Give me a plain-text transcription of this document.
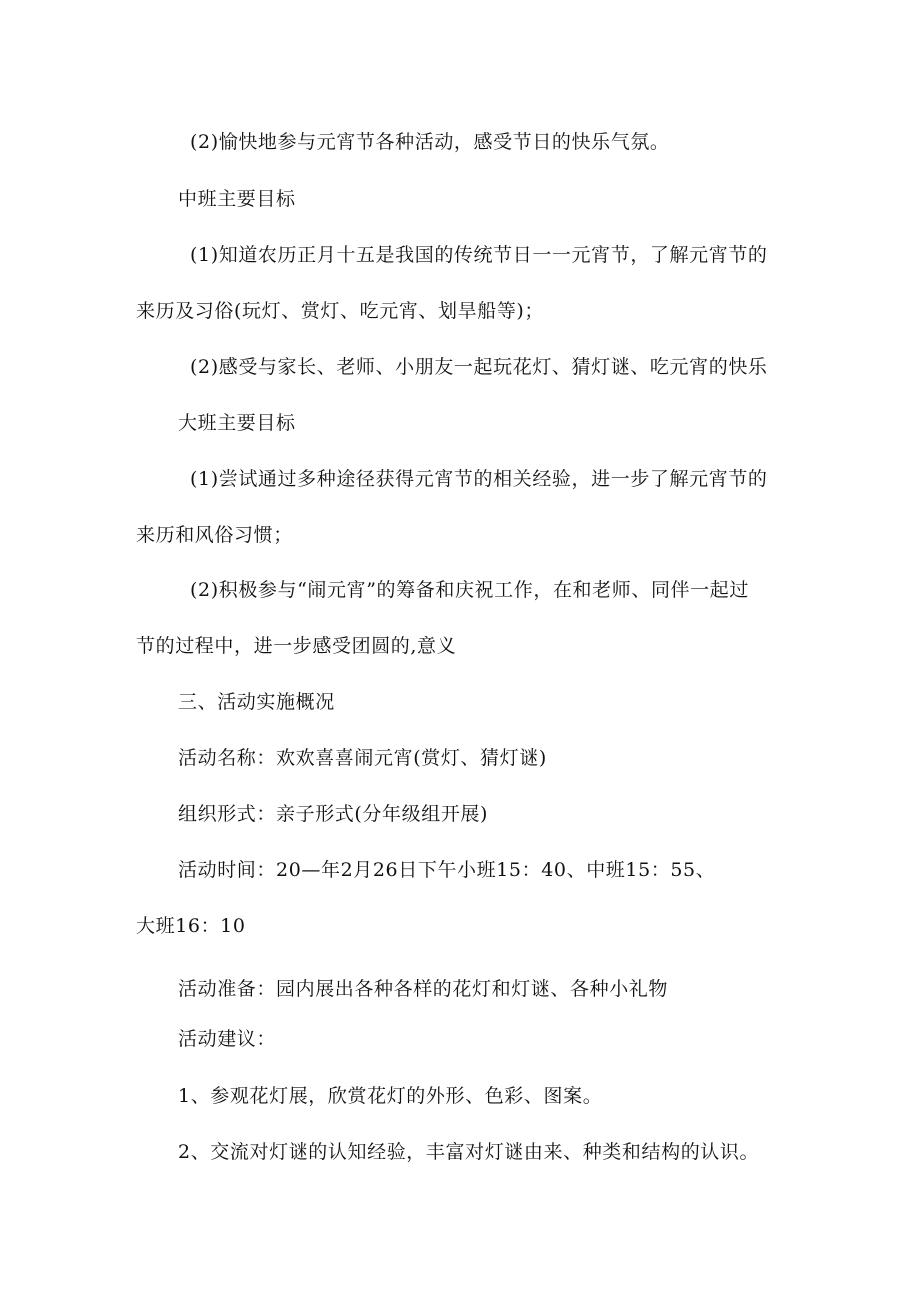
(2)愉快地参与元宵节各种活动，感受节日的快乐气氛。
中班主要目标
(1)知道农历正月十五是我国的传统节日一一元宵节，了解元宵节的
来历及习俗(玩灯、赏灯、吃元宵、划旱船等)；
(2)感受与家长、老师、小朋友一起玩花灯、猜灯谜、吃元宵的快乐
大班主要目标
(1)尝试通过多种途径获得元宵节的相关经验，进一步了解元宵节的
来历和风俗习惯；
(2)积极参与“闹元宵”的筹备和庆祝工作，在和老师、同伴一起过
节的过程中，进一步感受团圆的,意义
三、活动实施概况
活动名称：欢欢喜喜闹元宵(赏灯、猜灯谜)
组织形式：亲子形式(分年级组开展)
活动时间：20—年2月26日下午小班15：40、中班15：55、
大班16：10
活动准备：园内展出各种各样的花灯和灯谜、各种小礼物
活动建议：
1、参观花灯展，欣赏花灯的外形、色彩、图案。
2、交流对灯谜的认知经验，丰富对灯谜由来、种类和结构的认识。
